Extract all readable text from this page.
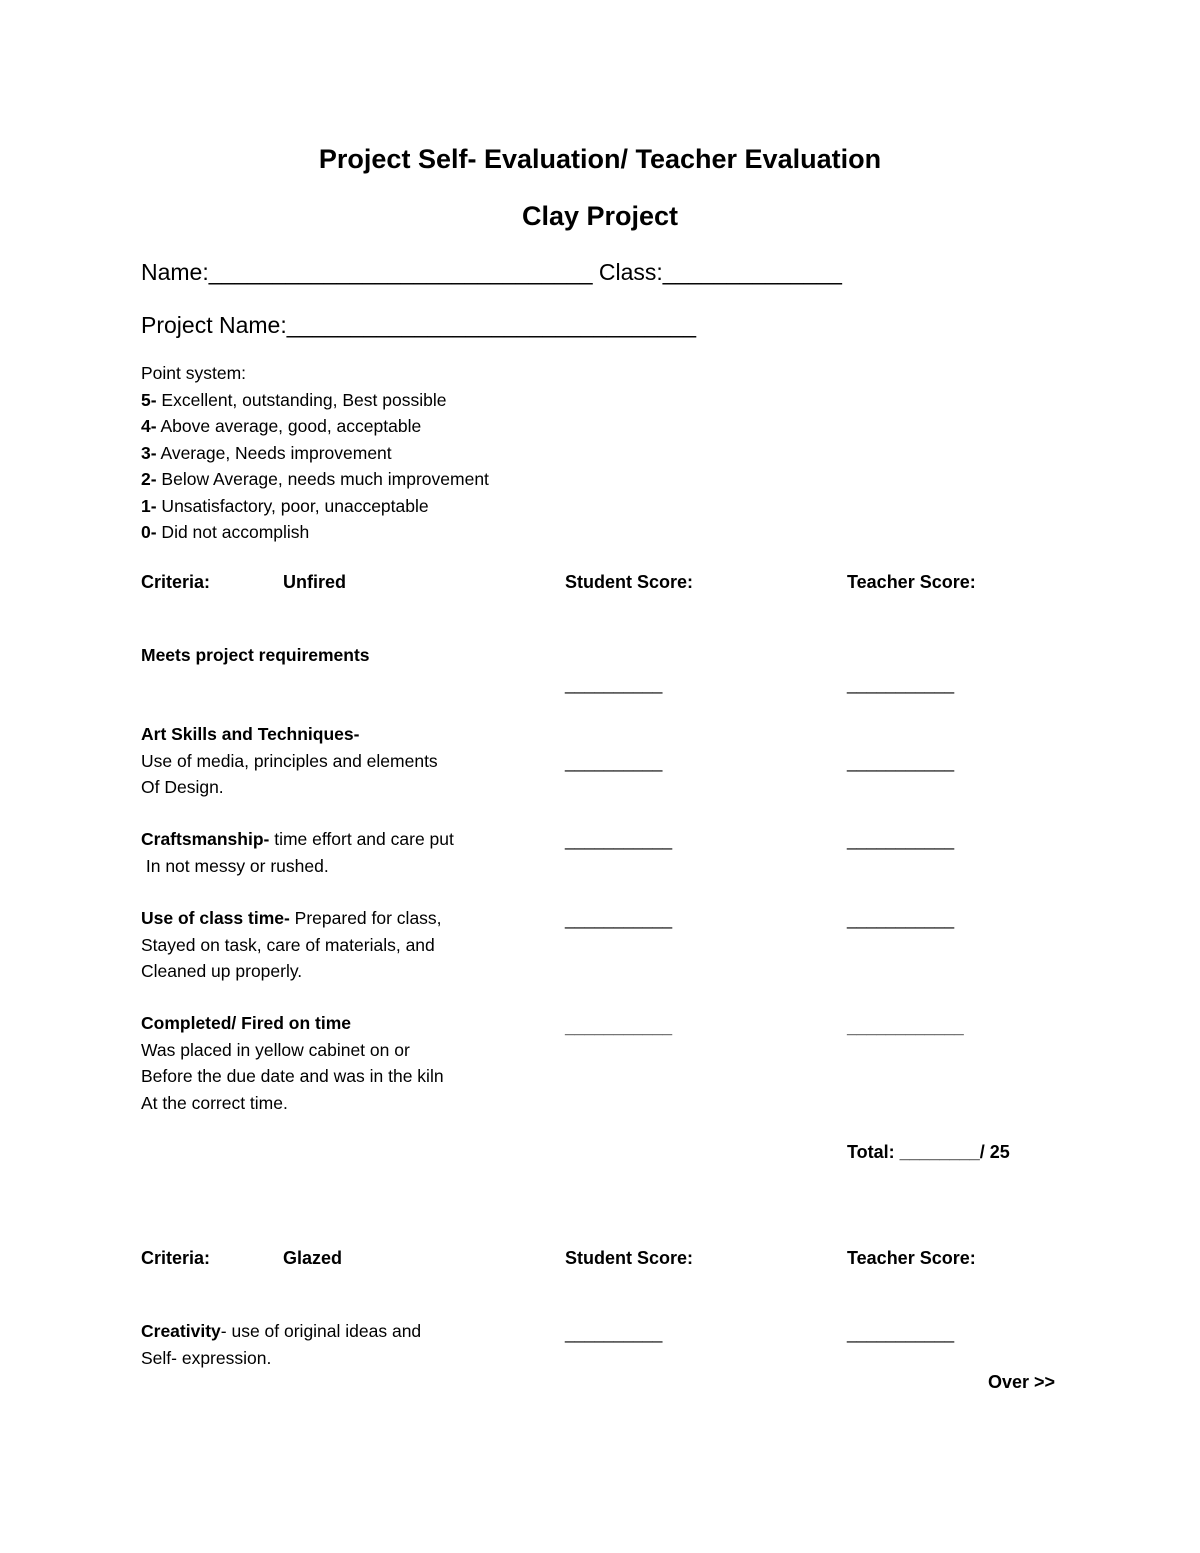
Project Self- Evaluation/ Teacher Evaluation
Clay Project
Name:______________________________ Class:______________
Project Name:________________________________
Point system:
5- Excellent, outstanding, Best possible
4- Above average, good, acceptable
3- Average, Needs improvement
2- Below Average, needs much improvement
1- Unsatisfactory, poor, unacceptable
0- Did not accomplish
Criteria:	Unfired	Student Score:	Teacher Score:
Meets project requirements
__________	___________
Art Skills and Techniques-
Use of media, principles and elements
Of Design.
__________	___________
Craftsmanship- time effort and care put
In not messy or rushed.
___________	___________
Use of class time- Prepared for class,
Stayed on task, care of materials, and
Cleaned up properly.
___________	___________
Completed/ Fired on time
Was placed in yellow cabinet on or
Before the due date and was in the kiln
At the correct time.
___________	____________
Total: ________/ 25
Criteria:	Glazed	Student Score:	Teacher Score:
Creativity- use of original ideas and
Self- expression.
__________	___________
Over >>
